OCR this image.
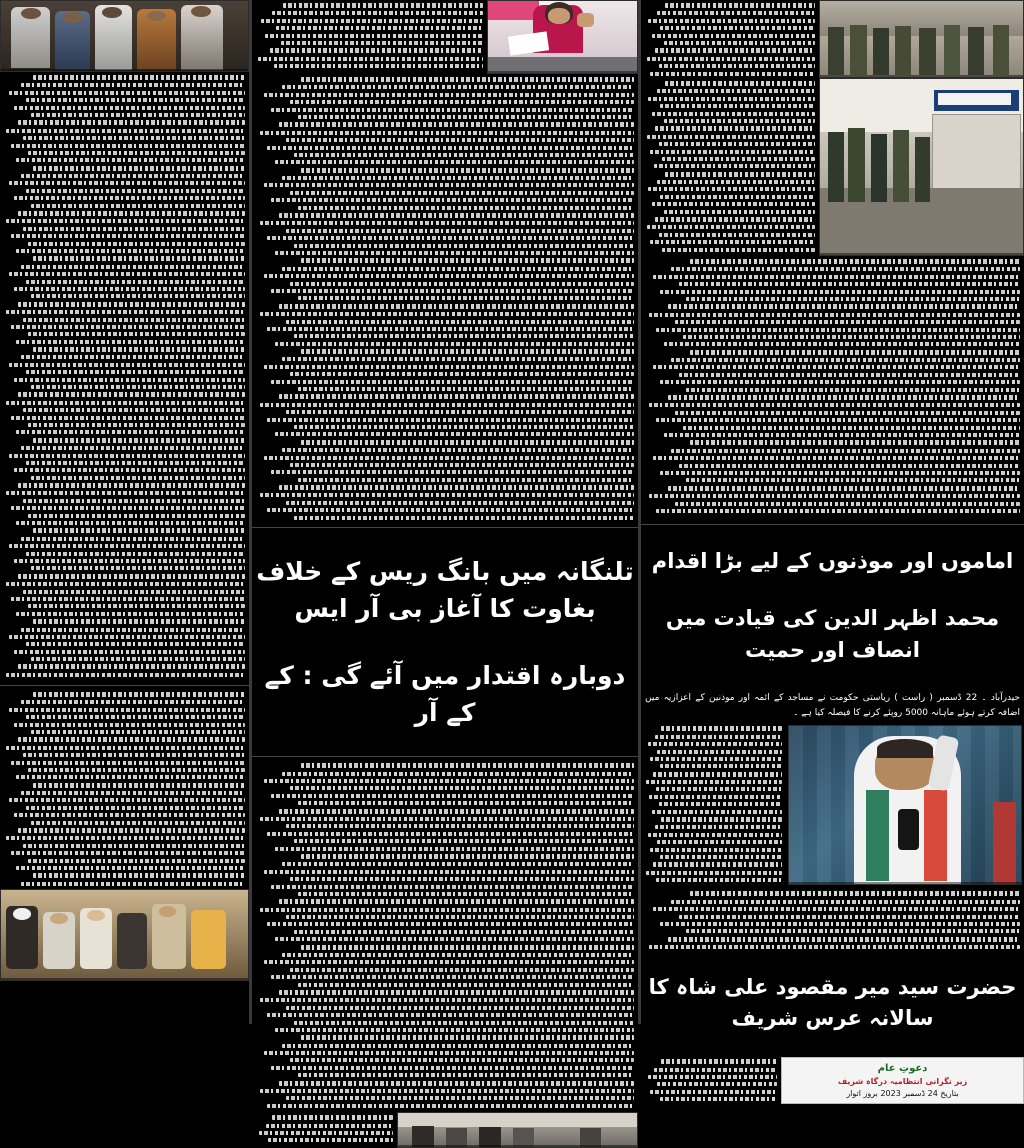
تلنگانہ میں بانگ ریس کے خلاف بغاوت کا آغاز بی آر ایس
دوبارہ اقتدار میں آئے گی : کے کے آر
اماموں اور موذنوں کے لیے بڑا اقدام
محمد اظہر الدین کی قیادت میں انصاف اور حمیت
حیدرآباد ۔ 22 ڈسمبر ( راست ) ریاستی حکومت نے مساجد کے ائمہ اور موذنین کے اعزازیہ میں اضافہ کرتے ہوئے ماہانہ 5000 روپئے کرنے کا فیصلہ کیا ہے ۔
حضرت سید میر مقصود علی شاہ کا سالانہ عرس شریف
دعوتِ عام
زیر نگرانی انتظامیہ درگاہ شریف
بتاریخ 24 ڈسمبر 2023 بروز اتوار
